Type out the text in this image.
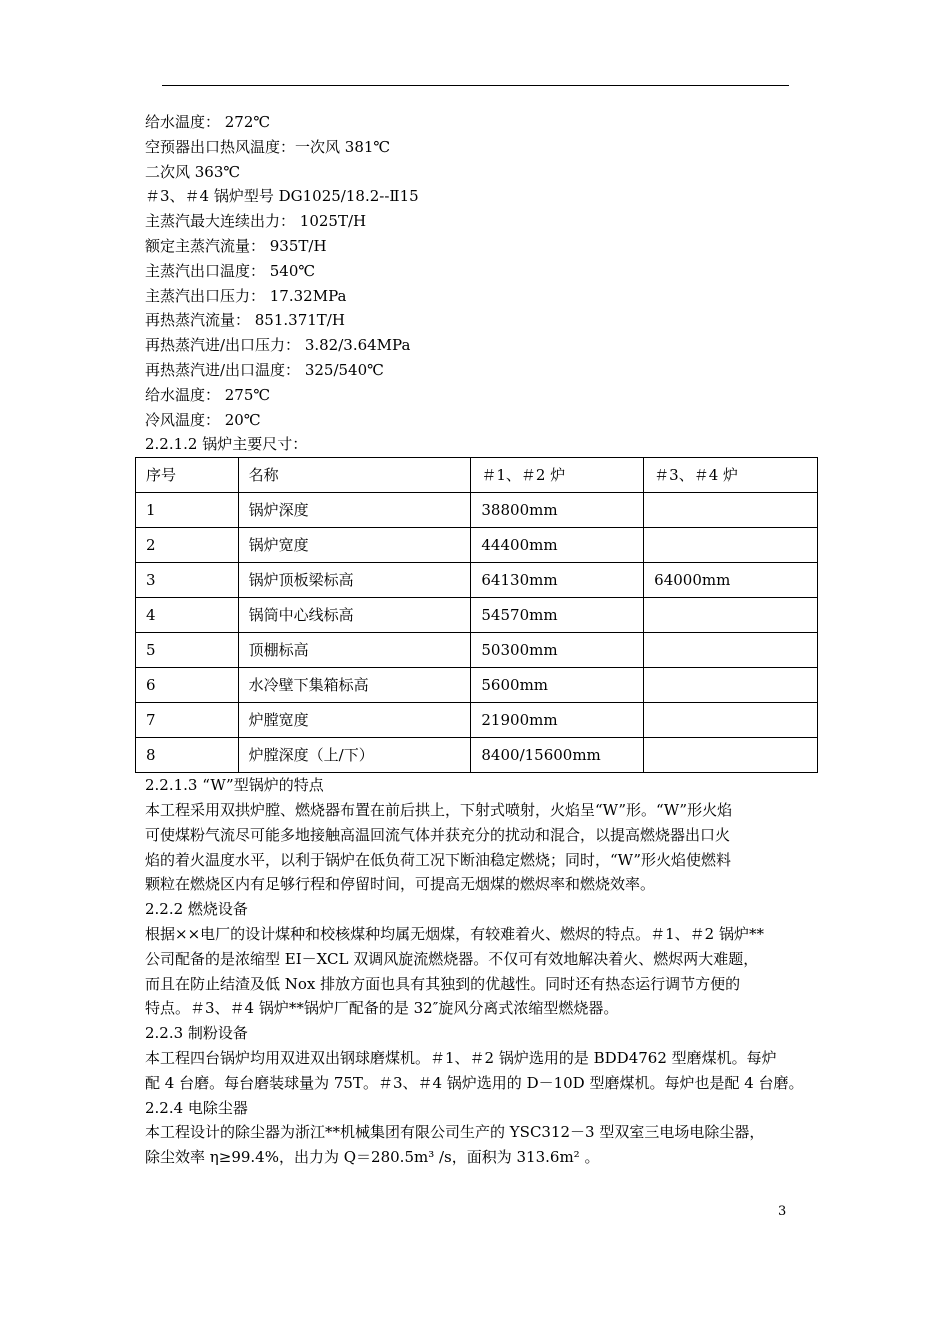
给水温度： 272℃
空预器出口热风温度：一次风 381℃
二次风 363℃
＃3、＃4 锅炉型号 DG1025/18.2--Ⅱ15
主蒸汽最大连续出力： 1025T/H
额定主蒸汽流量： 935T/H
主蒸汽出口温度： 540℃
主蒸汽出口压力： 17.32MPa
再热蒸汽流量： 851.371T/H
再热蒸汽进/出口压力： 3.82/3.64MPa
再热蒸汽进/出口温度： 325/540℃
给水温度： 275℃
冷风温度： 20℃
2.2.1.2 锅炉主要尺寸：
序号	名称	＃1、＃2 炉	＃3、＃4 炉
1	锅炉深度	38800mm	
2	锅炉宽度	44400mm	
3	锅炉顶板梁标高	64130mm	64000mm
4	锅筒中心线标高	54570mm	
5	顶棚标高	50300mm	
6	水冷壁下集箱标高	5600mm	
7	炉膛宽度	21900mm	
8	炉膛深度（上/下）	8400/15600mm	
2.2.1.3 “W”型锅炉的特点
本工程采用双拱炉膛、燃烧器布置在前后拱上，下射式喷射，火焰呈“W”形。“W”形火焰
可使煤粉气流尽可能多地接触高温回流气体并获充分的扰动和混合，以提高燃烧器出口火
焰的着火温度水平，以利于锅炉在低负荷工况下断油稳定燃烧；同时，“W”形火焰使燃料
颗粒在燃烧区内有足够行程和停留时间，可提高无烟煤的燃烬率和燃烧效率。
2.2.2 燃烧设备
根据××电厂的设计煤种和校核煤种均属无烟煤，有较难着火、燃烬的特点。＃1、＃2 锅炉**
公司配备的是浓缩型 EI－XCL 双调风旋流燃烧器。不仅可有效地解决着火、燃烬两大难题，
而且在防止结渣及低 Nox 排放方面也具有其独到的优越性。同时还有热态运行调节方便的
特点。＃3、＃4 锅炉**锅炉厂配备的是 32″旋风分离式浓缩型燃烧器。
2.2.3 制粉设备
本工程四台锅炉均用双进双出钢球磨煤机。＃1、＃2 锅炉选用的是 BDD4762 型磨煤机。每炉
配 4 台磨。每台磨装球量为 75T。＃3、＃4 锅炉选用的 D－10D 型磨煤机。每炉也是配 4 台磨。
2.2.4 电除尘器
本工程设计的除尘器为浙江**机械集团有限公司生产的 YSC312－3 型双室三电场电除尘器，
除尘效率 η≥99.4%，出力为 Q＝280.5m³ /s，面积为 313.6m² 。
3
